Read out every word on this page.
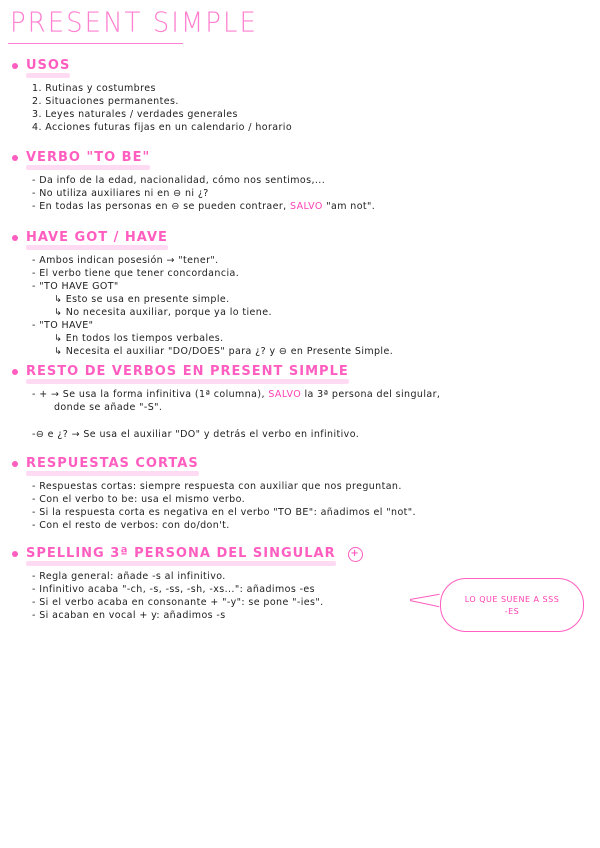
PRESENT SIMPLE
USOS
1. Rutinas y costumbres
2. Situaciones permanentes.
3. Leyes naturales / verdades generales
4. Acciones futuras fijas en un calendario / horario
VERBO "TO BE"
- Da info de la edad, nacionalidad, cómo nos sentimos,...
- No utiliza auxiliares ni en ⊖ ni ¿?
- En todas las personas en ⊖ se pueden contraer, SALVO "am not".
HAVE GOT / HAVE
- Ambos indican posesión → "tener".
- El verbo tiene que tener concordancia.
- "TO HAVE GOT"
↳ Esto se usa en presente simple.
↳ No necesita auxiliar, porque ya lo tiene.
- "TO HAVE"
↳ En todos los tiempos verbales.
↳ Necesita el auxiliar "DO/DOES" para ¿? y ⊖ en Presente Simple.
RESTO DE VERBOS EN PRESENT SIMPLE
- + → Se usa la forma infinitiva (1ª columna), SALVO la 3ª persona del singular,
donde se añade "-S".
-⊖ e ¿? → Se usa el auxiliar "DO" y detrás el verbo en infinitivo.
RESPUESTAS CORTAS
- Respuestas cortas: siempre respuesta con auxiliar que nos preguntan.
- Con el verbo to be: usa el mismo verbo.
- Si la respuesta corta es negativa en el verbo "TO BE": añadimos el "not".
- Con el resto de verbos: con do/don't.
SPELLING 3ª PERSONA DEL SINGULAR +
- Regla general: añade -s al infinitivo.
- Infinitivo acaba "-ch, -s, -ss, -sh, -xs...": añadimos -es
- Si el verbo acaba en consonante + "-y": se pone "-ies".
- Si acaban en vocal + y: añadimos -s
LO QUE SUENE A SSS
-ES
